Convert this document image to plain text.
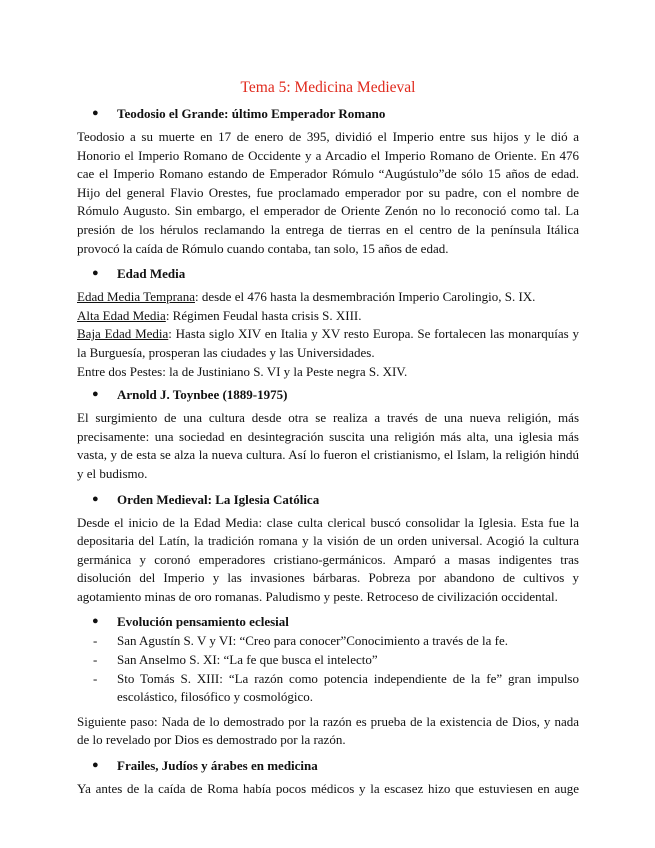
Tema 5: Medicina Medieval
● Teodosio el Grande: último Emperador Romano

Teodosio a su muerte en 17 de enero de 395, dividió el Imperio entre sus hijos y le dió a Honorio el Imperio Romano de Occidente y a Arcadio el Imperio Romano de Oriente. En 476 cae el Imperio Romano estando de Emperador Rómulo “Augústulo”de sólo 15 años de edad. Hijo del general Flavio Orestes, fue proclamado emperador por su padre, con el nombre de Rómulo Augusto. Sin embargo, el emperador de Oriente Zenón no lo reconoció como tal. La presión de los hérulos reclamando la entrega de tierras en el centro de la península Itálica provocó la caída de Rómulo cuando contaba, tan solo, 15 años de edad.

● Edad Media

Edad Media Temprana: desde el 476 hasta la desmembración Imperio Carolingio, S. IX.

Alta Edad Media: Régimen Feudal hasta crisis S. XIII.

Baja Edad Media: Hasta siglo XIV en Italia y XV resto Europa. Se fortalecen las monarquías y la Burguesía, prosperan las ciudades y las Universidades.

Entre dos Pestes: la de Justiniano S. VI y la Peste negra S. XIV.

● Arnold J. Toynbee (1889-1975)

El surgimiento de una cultura desde otra se realiza a través de una nueva religión, más precisamente: una sociedad en desintegración suscita una religión más alta, una iglesia más vasta, y de esta se alza la nueva cultura. Así lo fueron el cristianismo, el Islam, la religión hindú y el budismo.

● Orden Medieval: La Iglesia Católica

Desde el inicio de la Edad Media: clase culta clerical buscó consolidar la Iglesia. Esta fue la depositaria del Latín, la tradición romana y la visión de un orden universal. Acogió la cultura germánica y coronó emperadores cristiano-germánicos. Amparó a masas indigentes tras disolución del Imperio y las invasiones bárbaras. Pobreza por abandono de cultivos y agotamiento minas de oro romanas. Paludismo y peste. Retroceso de civilización occidental.

● Evolución pensamiento eclesial
- San Agustín S. V y VI: “Creo para conocer”Conocimiento a través de la fe.
- San Anselmo S. XI: “La fe que busca el intelecto”
- Sto Tomás S. XIII: “La razón como potencia independiente de la fe” gran impulso escolástico, filosófico y cosmológico.

Siguiente paso: Nada de lo demostrado por la razón es prueba de la existencia de Dios, y nada de lo revelado por Dios es demostrado por la razón.

● Frailes, Judíos y árabes en medicina

Ya antes de la caída de Roma había pocos médicos y la escasez hizo que estuviesen en auge
